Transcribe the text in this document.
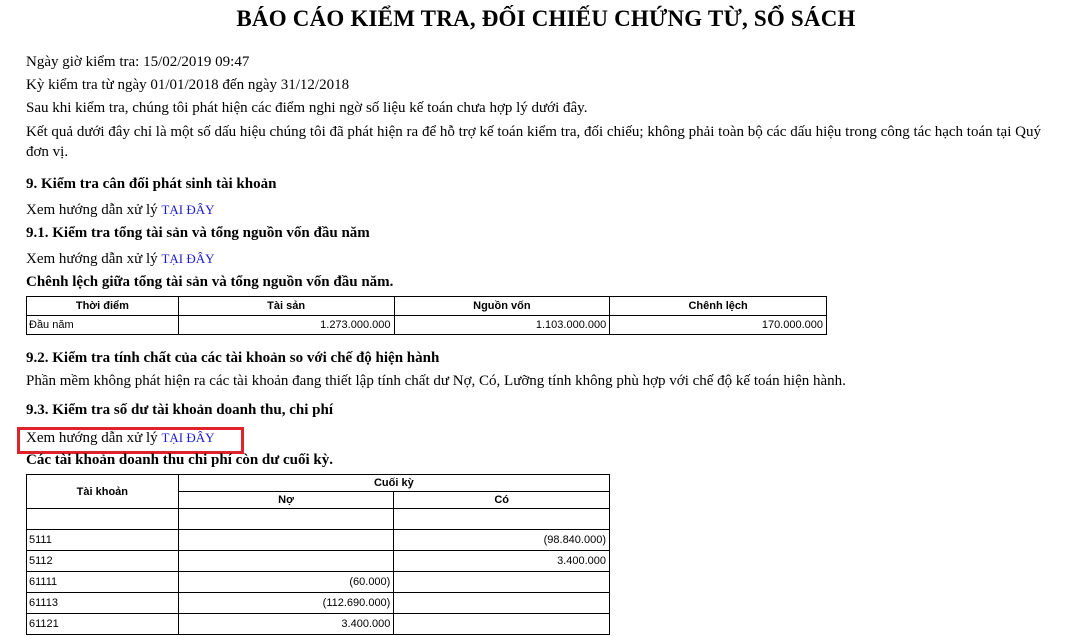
BÁO CÁO KIỂM TRA, ĐỐI CHIẾU CHỨNG TỪ, SỔ SÁCH
Ngày giờ kiểm tra: 15/02/2019 09:47
Kỳ kiểm tra từ ngày 01/01/2018 đến ngày 31/12/2018
Sau khi kiểm tra, chúng tôi phát hiện các điểm nghi ngờ số liệu kế toán chưa hợp lý dưới đây.
Kết quả dưới đây chỉ là một số dấu hiệu chúng tôi đã phát hiện ra để hỗ trợ kế toán kiểm tra, đối chiếu; không phải toàn bộ các dấu hiệu trong công tác hạch toán tại Quý đơn vị.
9. Kiểm tra cân đối phát sinh tài khoản
Xem hướng dẫn xử lý TẠI ĐÂY
9.1. Kiểm tra tổng tài sản và tổng nguồn vốn đầu năm
Xem hướng dẫn xử lý TẠI ĐÂY
Chênh lệch giữa tổng tài sản và tổng nguồn vốn đầu năm.
Thời điểm	Tài sản	Nguồn vốn	Chênh lệch
Đầu năm	1.273.000.000	1.103.000.000	170.000.000
9.2. Kiểm tra tính chất của các tài khoản so với chế độ hiện hành
Phần mềm không phát hiện ra các tài khoản đang thiết lập tính chất dư Nợ, Có, Lưỡng tính không phù hợp với chế độ kế toán hiện hành.
9.3. Kiểm tra số dư tài khoản doanh thu, chi phí
Xem hướng dẫn xử lý TẠI ĐÂY
Các tài khoản doanh thu chi phí còn dư cuối kỳ.
Tài khoản	Cuối kỳ	
	Nợ	Có

5111		(98.840.000)
5112		3.400.000
61111	(60.000)	
61113	(112.690.000)	
61121	3.400.000	
